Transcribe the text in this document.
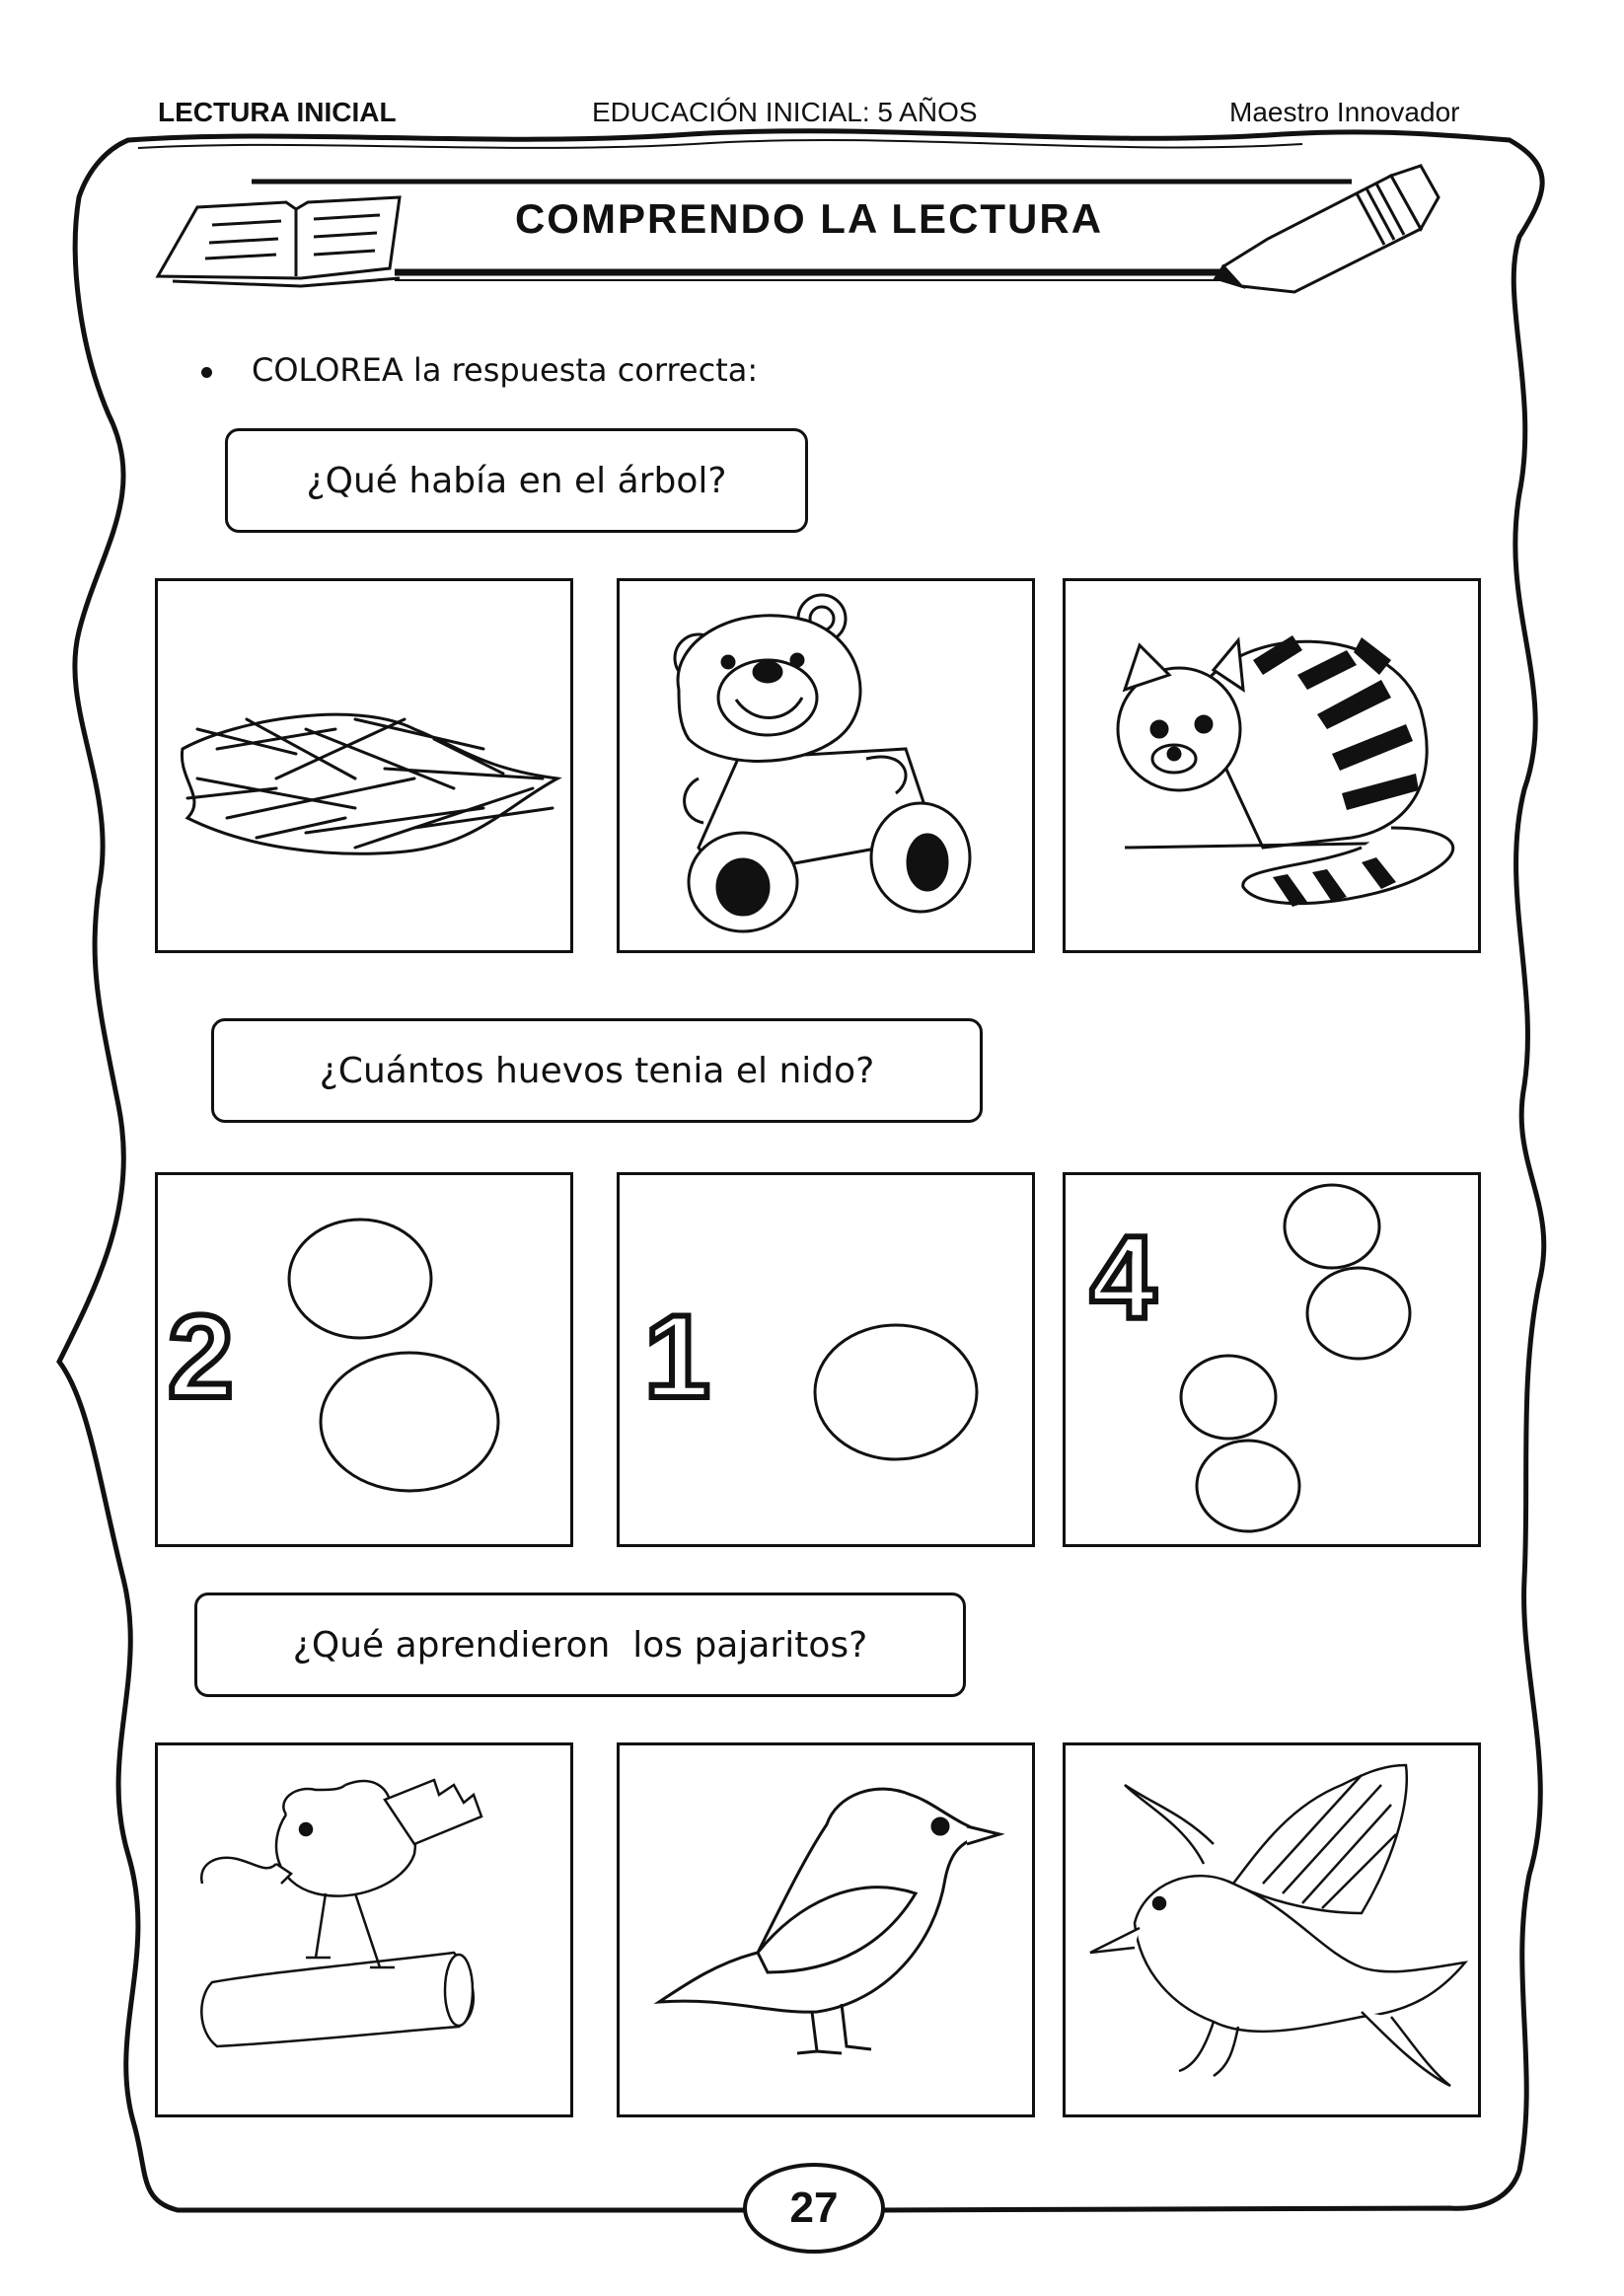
LECTURA INICIAL	EDUCACIÓN INICIAL: 5 AÑOS	Maestro Innovador
COMPRENDO LA LECTURA
COLOREA la respuesta correcta:
¿Qué había en el árbol?
¿Cuántos huevos tenia el nido?
2	1
4
¿Qué aprendieron  los pajaritos?
27
